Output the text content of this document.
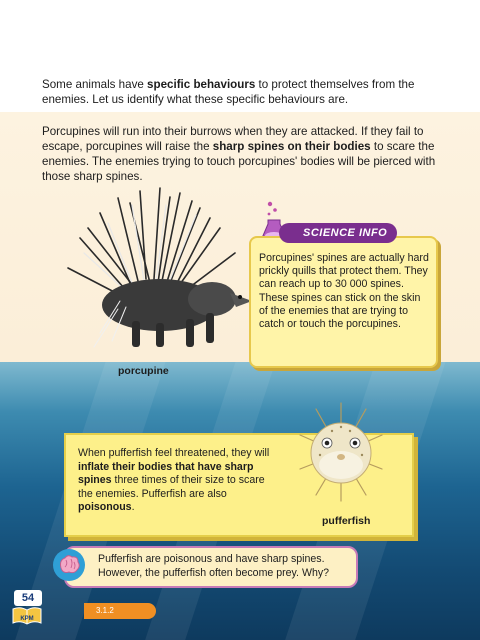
Some animals have specific behaviours to protect themselves from the enemies. Let us identify what these specific behaviours are.

Porcupines will run into their burrows when they are attacked. If they fail to escape, porcupines will raise the sharp spines on their bodies to scare the enemies. The enemies trying to touch porcupines' bodies will be pierced with those sharp spines.

porcupine

Porcupines' spines are actually hard prickly quills that protect them. They can reach up to 30 000 spines. These spines can stick on the skin of the enemies that are trying to catch or touch the porcupines.

SCIENCE INFO

When pufferfish feel threatened, they will inflate their bodies that have sharp spines three times of their size to scare the enemies. Pufferfish are also poisonous.

pufferfish

Pufferfish are poisonous and have sharp spines. However, the pufferfish often become prey. Why?

54
KPM
3.1.2
